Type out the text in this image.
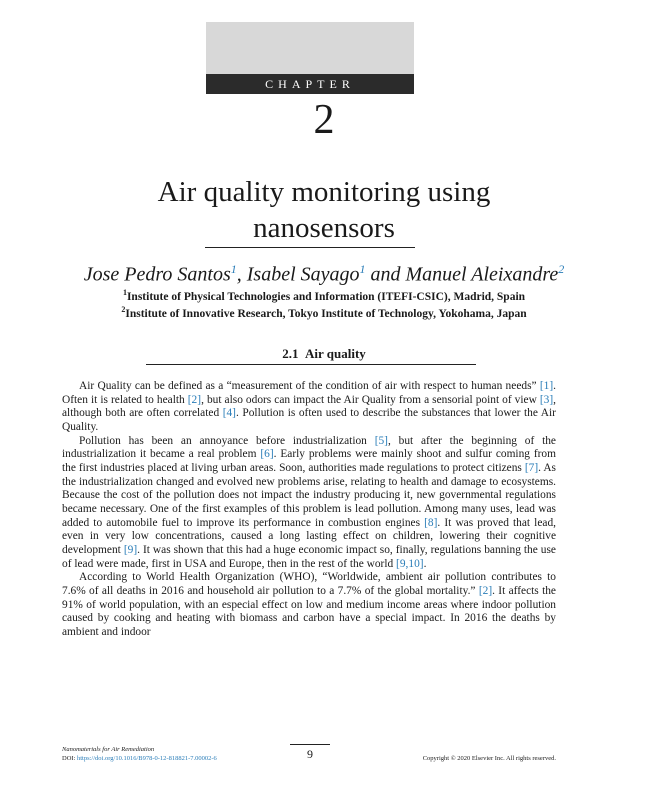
CHAPTER
2
Air quality monitoring using
nanosensors
Jose Pedro Santos$^1$, Isabel Sayago$^1$ and Manuel Aleixandre$^2$
$^1$Institute of Physical Technologies and Information (ITEFI-CSIC), Madrid, Spain
$^2$Institute of Innovative Research, Tokyo Institute of Technology, Yokohama, Japan
2.1 Air quality

Air Quality can be defined as a “measurement of the condition of air with respect to human needs” [1]. Often it is related to health [2], but also odors can impact the Air Quality from a sensorial point of view [3], although both are often correlated [4]. Pollution is often used to describe the substances that lower the Air Quality.

Pollution has been an annoyance before industrialization [5], but after the beginning of the industrialization it became a real problem [6]. Early problems were mainly shoot and sulfur coming from the first industries placed at living urban areas. Soon, authorities made regulations to protect citizens [7]. As the industrialization changed and evolved new problems arise, relating to health and damage to ecosystems. Because the cost of the pollution does not impact the industry producing it, new governmental regulations became necessary. One of the first examples of this problem is lead pollution. Among many uses, lead was added to automobile fuel to improve its performance in combustion engines [8]. It was proved that lead, even in very low concentrations, caused a long lasting effect on children, lowering their cognitive development [9]. It was shown that this had a huge economic impact so, finally, regulations banning the use of lead were made, first in USA and Europe, then in the rest of the world [9,10].

According to World Health Organization (WHO), “Worldwide, ambient air pollution contributes to 7.6% of all deaths in 2016 and household air pollution to a 7.7% of the global mortality.” [2]. It affects the 91% of world population, with an especial effect on low and medium income areas where indoor pollution caused by cooking and heating with biomass and carbon have a special impact. In 2016 the deaths by ambient and indoor

Nanomaterials for Air Remediation
DOI: https://doi.org/10.1016/B978-0-12-818821-7.00002-6	9	Copyright © 2020 Elsevier Inc. All rights reserved.
